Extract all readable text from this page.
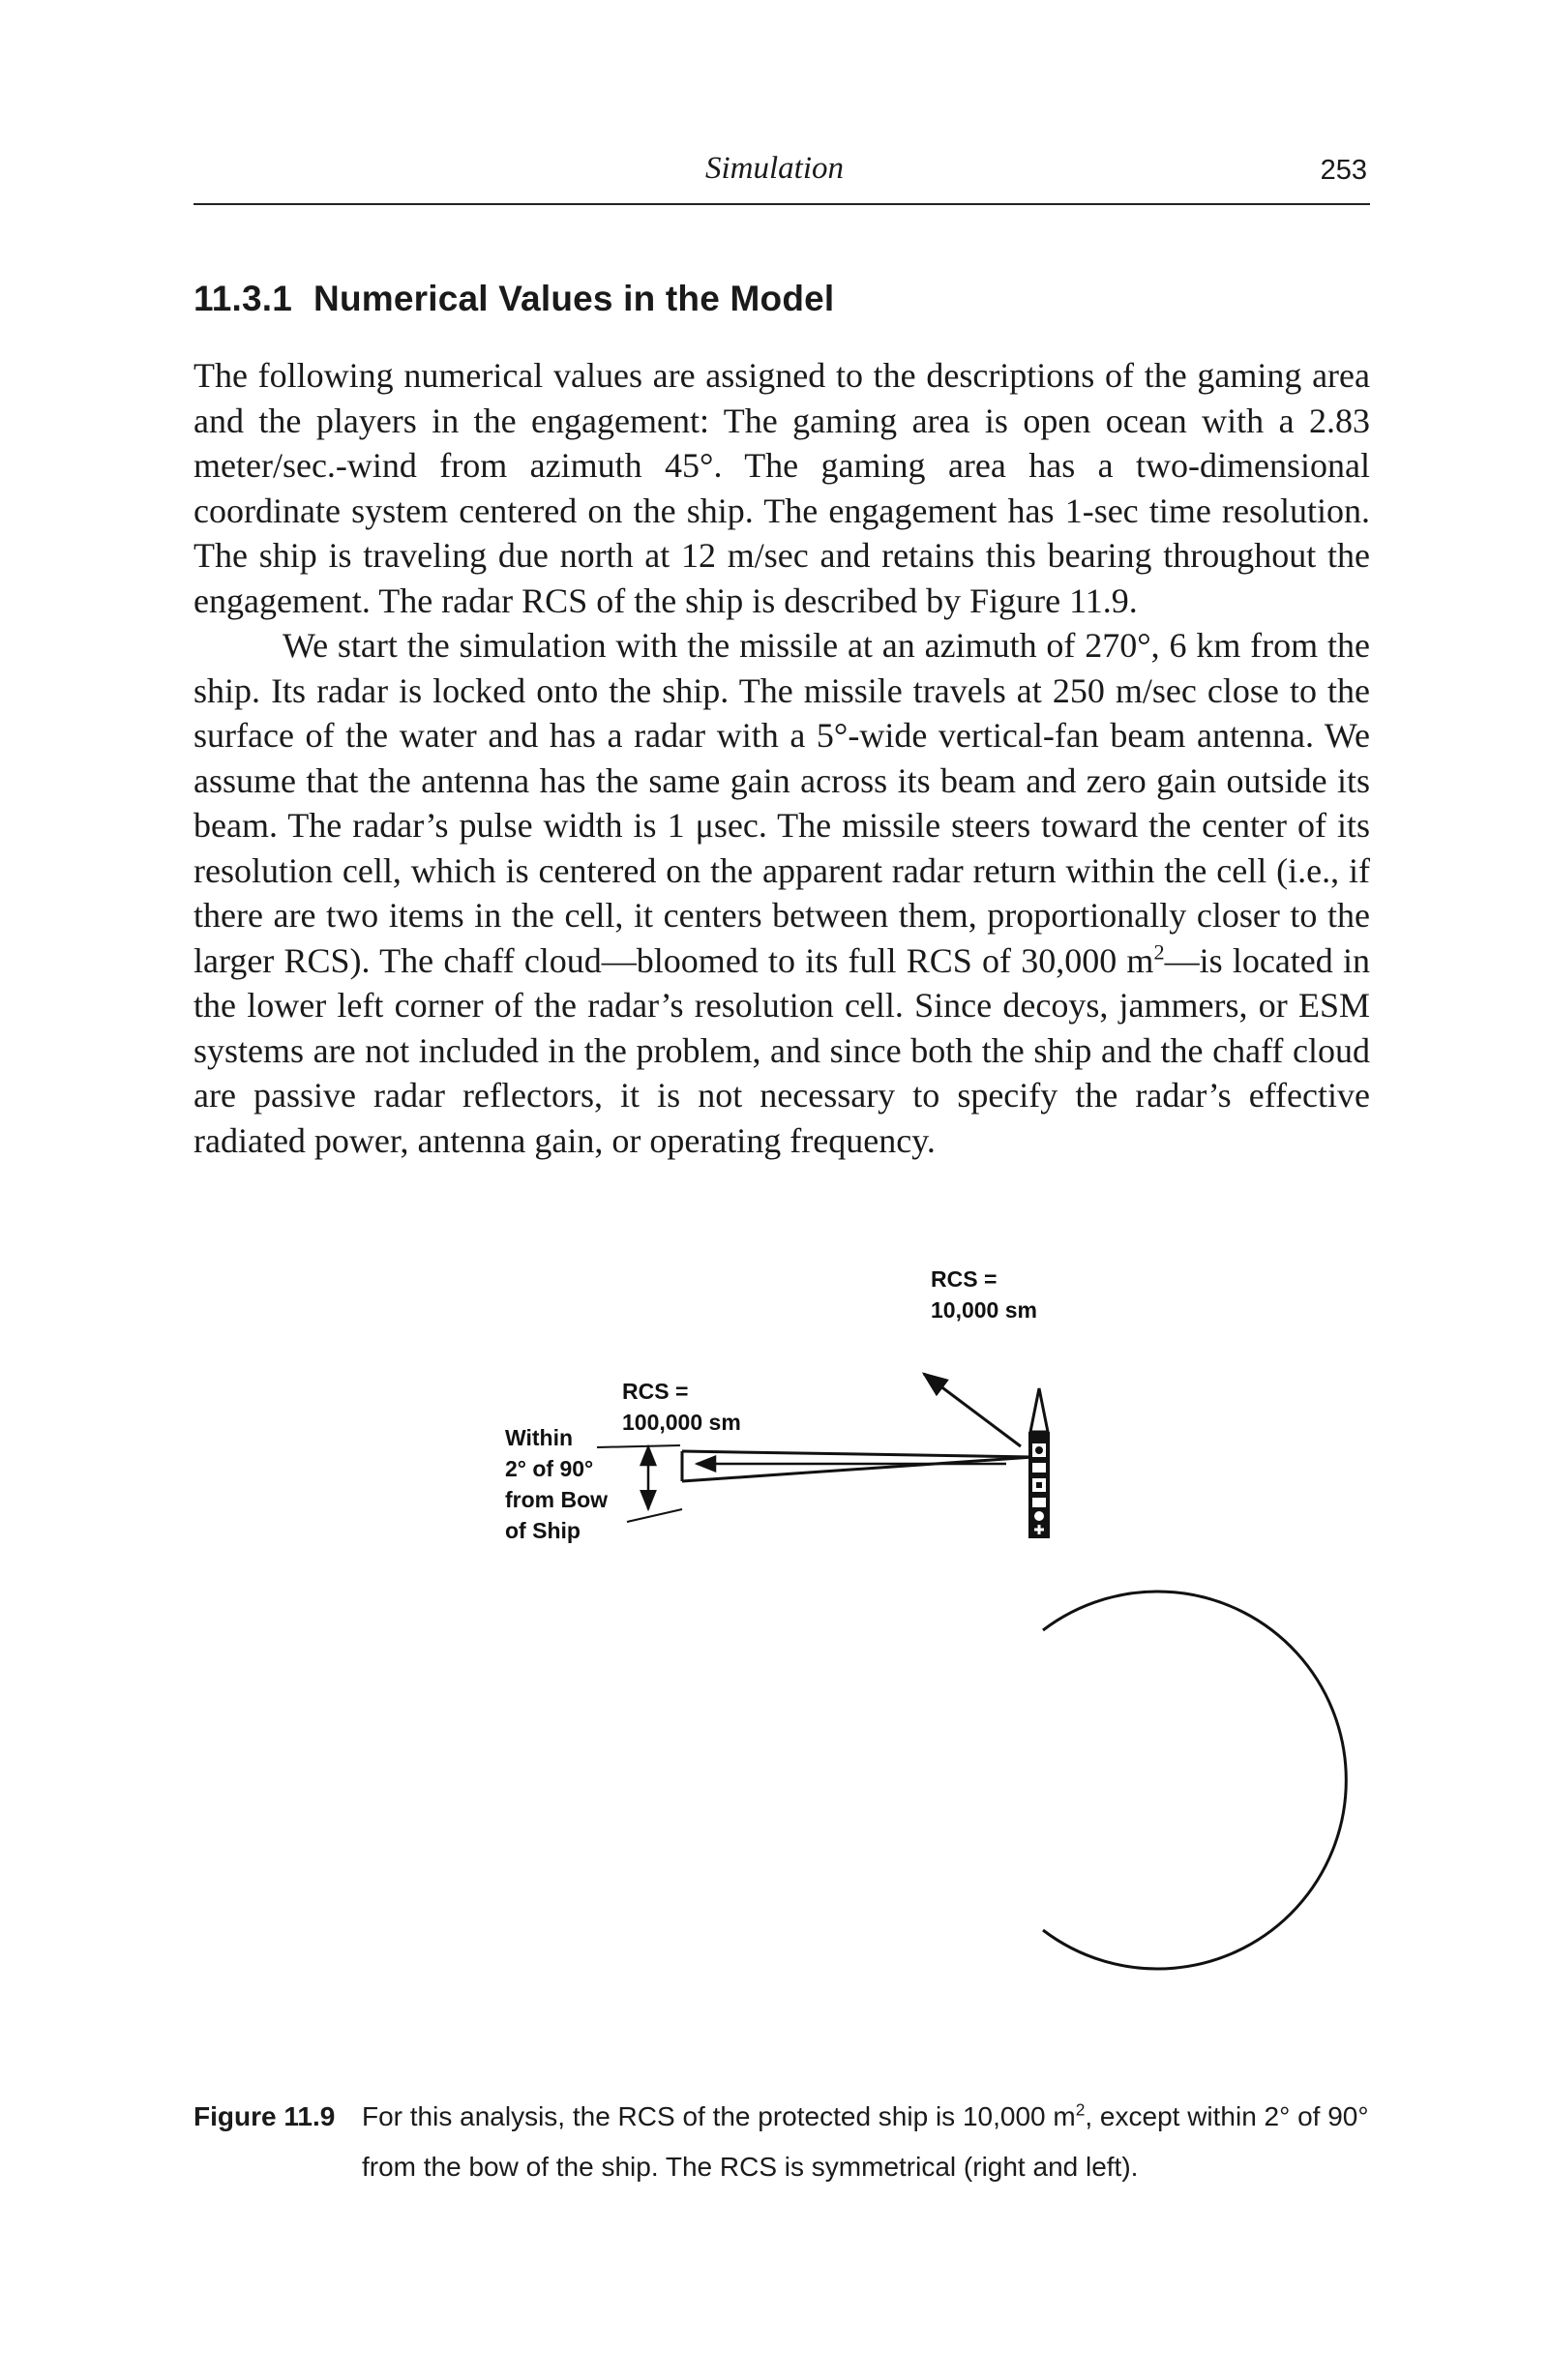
Simulation	253
11.3.1 Numerical Values in the Model

The following numerical values are assigned to the descriptions of the gaming area and the players in the engagement: The gaming area is open ocean with a 2.83 meter/sec.-wind from azimuth 45°. The gaming area has a two-dimensional coordinate system centered on the ship. The engagement has 1-sec time resolution. The ship is traveling due north at 12 m/sec and retains this bearing throughout the engagement. The radar RCS of the ship is described by Figure 11.9.

We start the simulation with the missile at an azimuth of 270°, 6 km from the ship. Its radar is locked onto the ship. The missile travels at 250 m/sec close to the surface of the water and has a radar with a 5°-wide vertical-fan beam antenna. We assume that the antenna has the same gain across its beam and zero gain outside its beam. The radar’s pulse width is 1 μsec. The missile steers toward the center of its resolution cell, which is centered on the apparent radar return within the cell (i.e., if there are two items in the cell, it centers between them, proportionally closer to the larger RCS). The chaff cloud—bloomed to its full RCS of 30,000 $m^2—is$ located in the lower left corner of the radar’s resolution cell. Since decoys, jammers, or ESM systems are not included in the problem, and since both the ship and the chaff cloud are passive radar reflectors, it is not necessary to specify the radar’s effective radiated power, antenna gain, or operating frequency.

RCS =
10,000 sm
RCS =
100,000 sm
Within
2° of 90°
from Bow
of Ship
Figure 11.9 For this analysis, the RCS of the protected ship is 10,000 $m^2$, except within 2° of 90° from the bow of the ship. The RCS is symmetrical (right and left).
